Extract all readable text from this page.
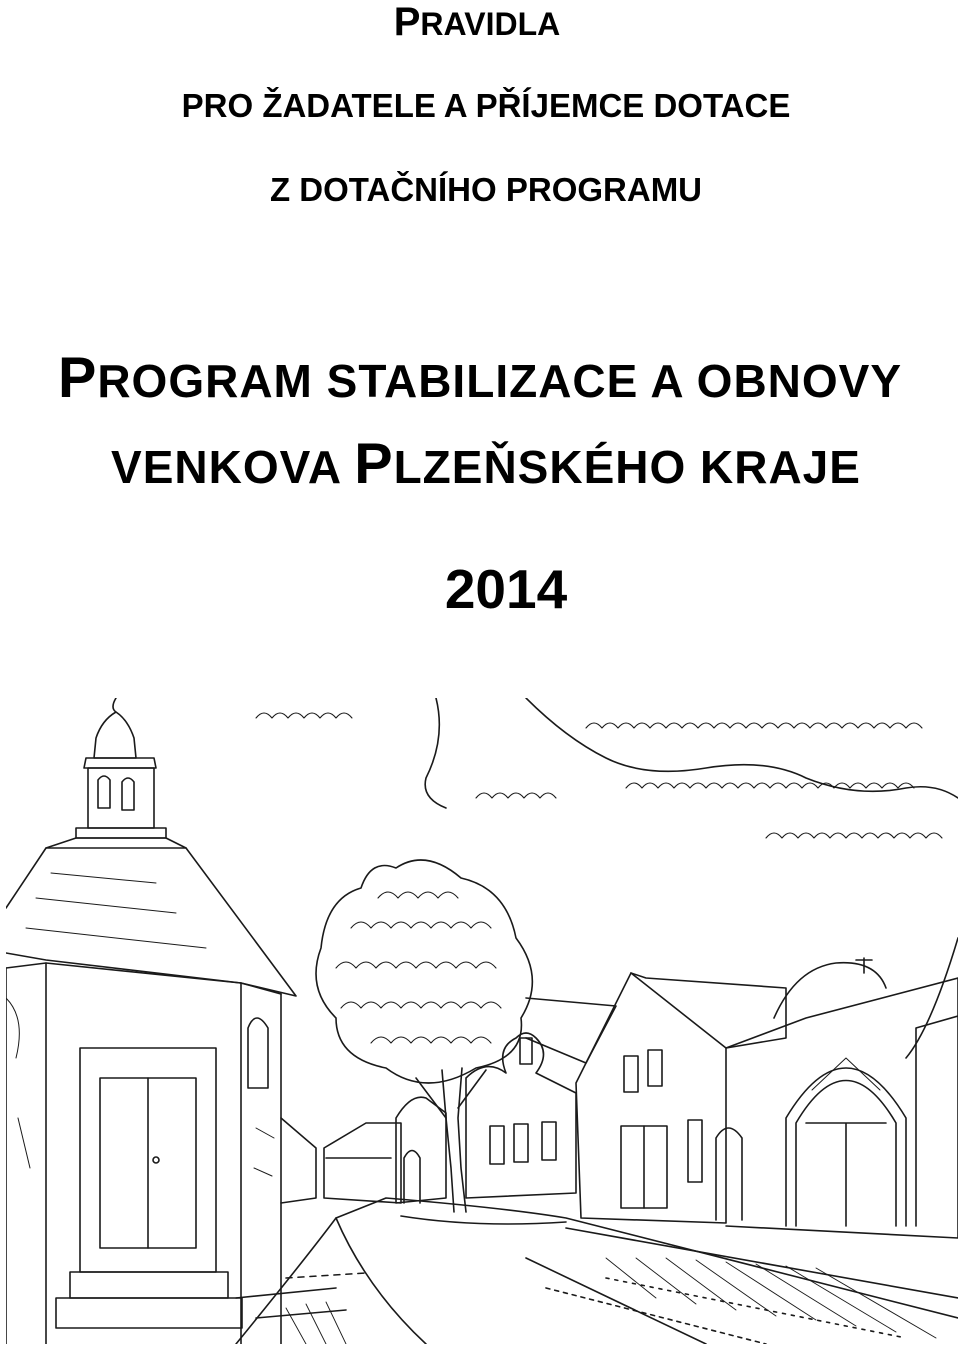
PRAVIDLA
PRO ŽADATELE A PŘÍJEMCE DOTACE
Z DOTAČNÍHO PROGRAMU
PROGRAM STABILIZACE A OBNOVY
VENKOVA PLZEŇSKÉHO KRAJE
2014
